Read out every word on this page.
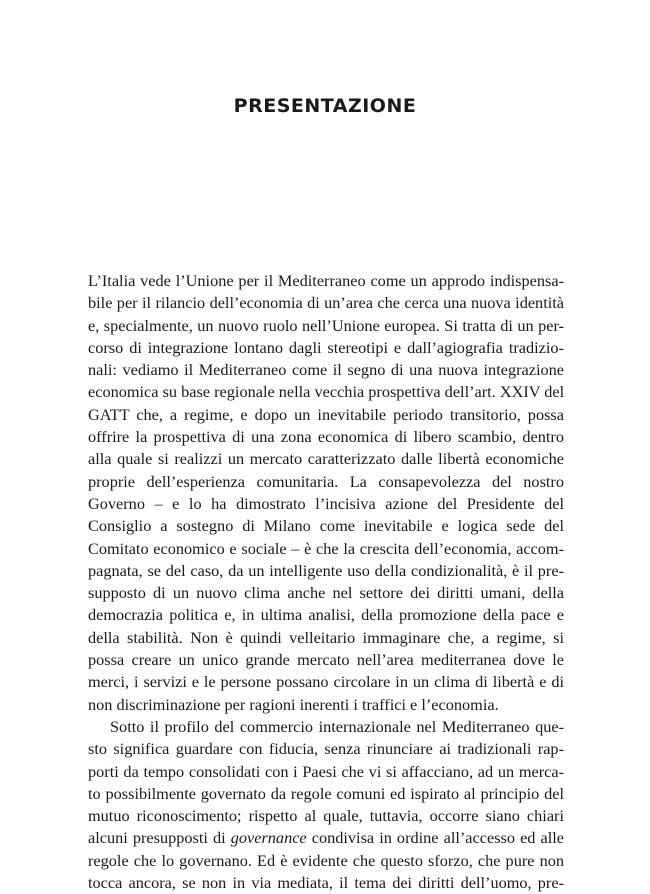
PRESENTAZIONE
L’Italia vede l’Unione per il Mediterraneo come un approdo indispensa-
bile per il rilancio dell’economia di un’area che cerca una nuova identità
e, specialmente, un nuovo ruolo nell’Unione europea. Si tratta di un per-
corso di integrazione lontano dagli stereotipi e dall’agiografia tradizio-
nali: vediamo il Mediterraneo come il segno di una nuova integrazione
economica su base regionale nella vecchia prospettiva dell’art. XXIV del
GATT che, a regime, e dopo un inevitabile periodo transitorio, possa
offrire la prospettiva di una zona economica di libero scambio, dentro
alla quale si realizzi un mercato caratterizzato dalle libertà economiche
proprie dell’esperienza comunitaria. La consapevolezza del nostro
Governo – e lo ha dimostrato l’incisiva azione del Presidente del
Consiglio a sostegno di Milano come inevitabile e logica sede del
Comitato economico e sociale – è che la crescita dell’economia, accom-
pagnata, se del caso, da un intelligente uso della condizionalità, è il pre-
supposto di un nuovo clima anche nel settore dei diritti umani, della
democrazia politica e, in ultima analisi, della promozione della pace e
della stabilità. Non è quindi velleitario immaginare che, a regime, si
possa creare un unico grande mercato nell’area mediterranea dove le
merci, i servizi e le persone possano circolare in un clima di libertà e di
non discriminazione per ragioni inerenti i traffici e l’economia.
Sotto il profilo del commercio internazionale nel Mediterraneo que-
sto significa guardare con fiducia, senza rinunciare ai tradizionali rap-
porti da tempo consolidati con i Paesi che vi si affacciano, ad un merca-
to possibilmente governato da regole comuni ed ispirato al principio del
mutuo riconoscimento; rispetto al quale, tuttavia, occorre siano chiari
alcuni presupposti di governance condivisa in ordine all’accesso ed alle
regole che lo governano. Ed è evidente che questo sforzo, che pure non
tocca ancora, se non in via mediata, il tema dei diritti dell’uomo, pre-
